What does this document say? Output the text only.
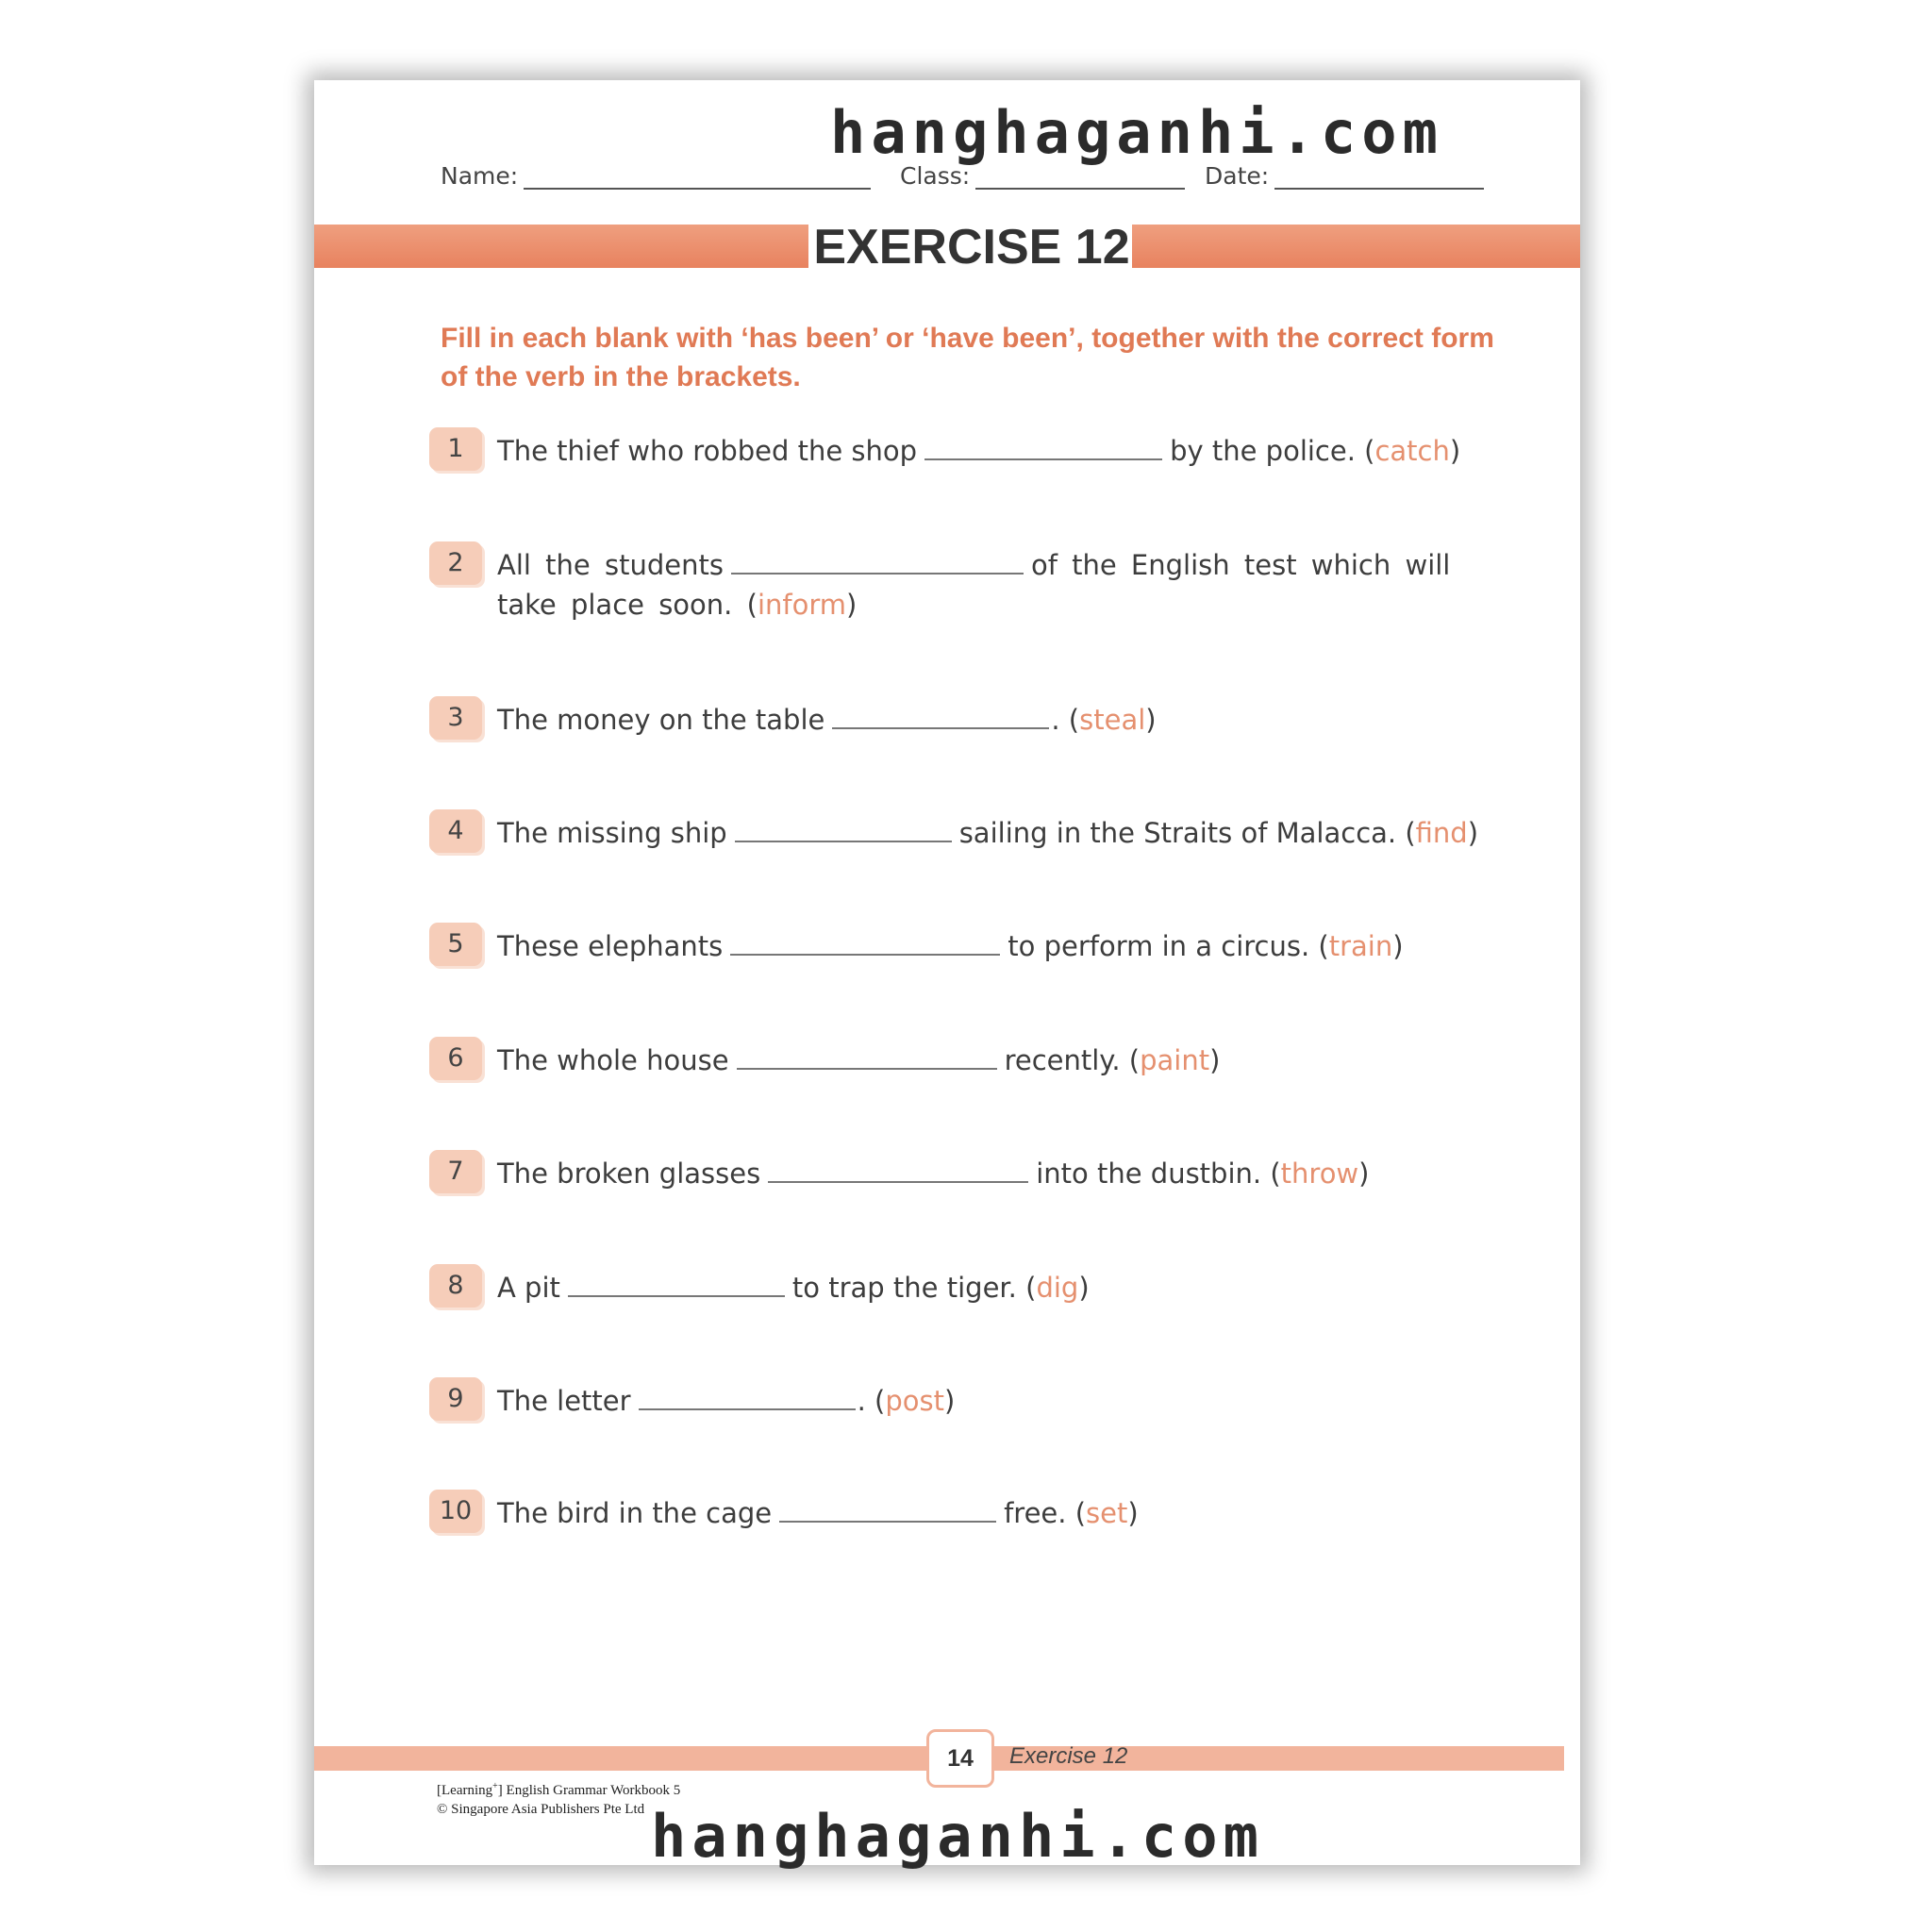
hanghaganhi.com
Name:	Class:	Date:
EXERCISE 12
Fill in each blank with ‘has been’ or ‘have been’, together with the correct form of the verb in the brackets.
1	The thief who robbed the shop	by the police. (catch)
2	All the students	of the English test which will take place soon. (inform)
3	The money on the table	. (steal)
4	The missing ship	sailing in the Straits of Malacca. (find)
5	These elephants	to perform in a circus. (train)
6	The whole house	recently. (paint)
7	The broken glasses	into the dustbin. (throw)
8	A pit	to trap the tiger. (dig)
9	The letter	. (post)
10 The bird in the cage	free. (set)
14	Exercise 12
[Learning+] English Grammar Workbook 5
© Singapore Asia Publishers Pte Ltd hanghaganhi.com
